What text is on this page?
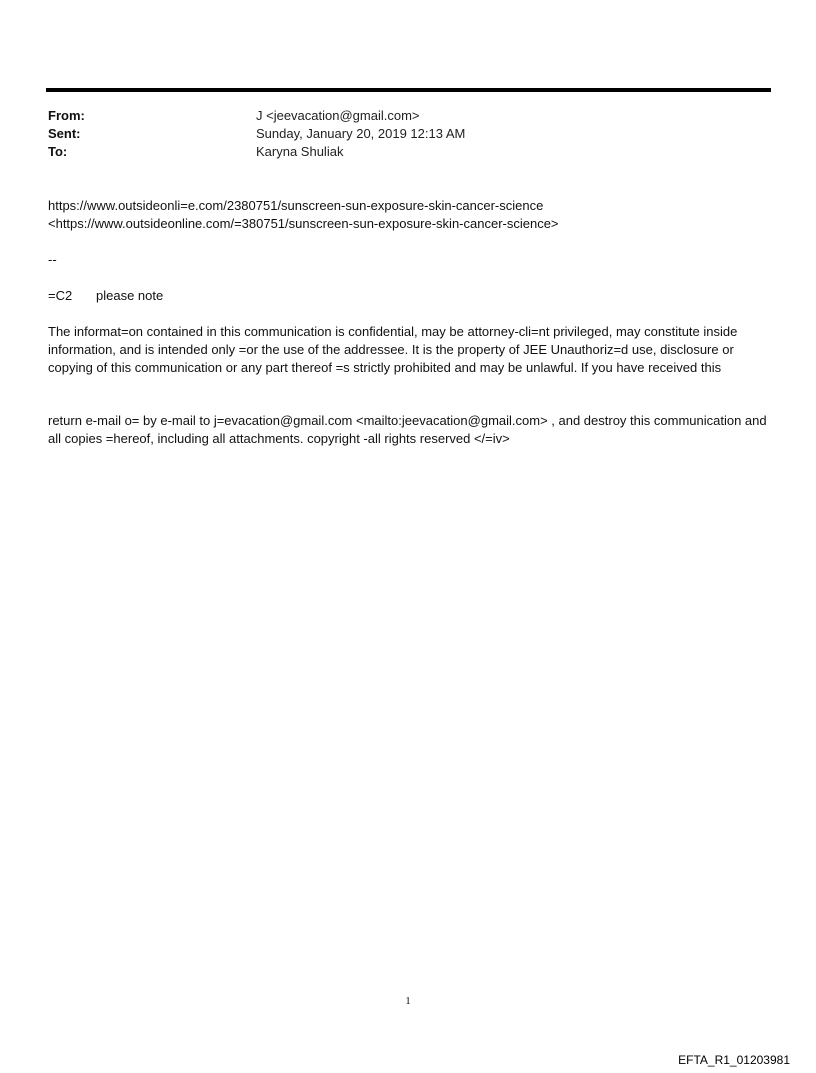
From:	J <jeevacation@gmail.com>
Sent:	Sunday, January 20, 2019 12:13 AM
To:	Karyna Shuliak
https://www.outsideonli=e.com/2380751/sunscreen-sun-exposure-skin-cancer-science
<https://www.outsideonline.com/=380751/sunscreen-sun-exposure-skin-cancer-science>
--
=C2 please note
The informat=on contained in this communication is confidential, may be attorney-cli=nt privileged, may constitute inside information, and is intended only =or the use of the addressee. It is the property of JEE Unauthoriz=d use, disclosure or copying of this communication or any part thereof =s strictly prohibited and may be unlawful. If you have received this
return e-mail o= by e-mail to j=evacation@gmail.com <mailto:jeevacation@gmail.com> , and destroy this communication and all copies =hereof, including all attachments. copyright -all rights reserved </=iv>
1
EFTA_R1_01203981
